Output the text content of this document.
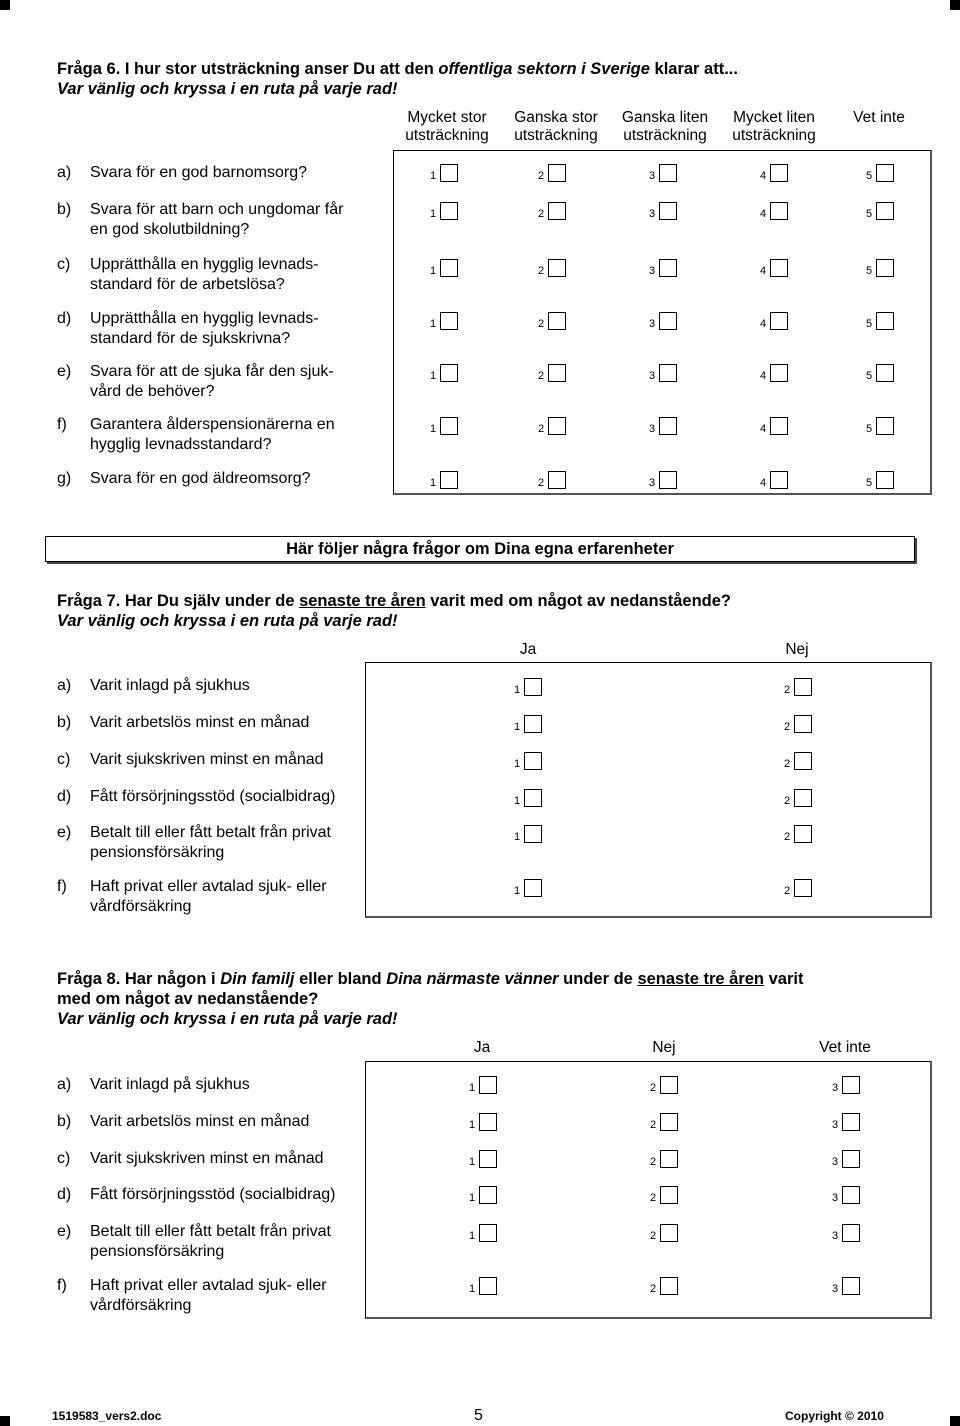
Fråga 6. I hur stor utsträckning anser Du att den offentliga sektorn i Sverige klarar att...
Var vänlig och kryssa i en ruta på varje rad!
Mycket stor
utsträckning
Ganska stor
utsträckning
Ganska liten
utsträckning
Mycket liten
utsträckning
Vet inte
a) Svara för en god barnomsorg?	1	2	3	4	5
b) Svara för att barn och ungdomar får
en god skolutbildning?
1	2	3	4	5
c) Upprätthålla en hygglig levnads-
standard för de arbetslösa?
1	2	3	4	5
d) Upprätthålla en hygglig levnads-
standard för de sjukskrivna?
1	2	3	4	5
e) Svara för att de sjuka får den sjuk-
vård de behöver?
1	2	3	4	5
f) Garantera ålderspensionärerna en
hygglig levnadsstandard?
1	2	3	4	5
g) Svara för en god äldreomsorg?	1	2	3	4	5
Här följer några frågor om Dina egna erfarenheter
Fråga 7. Har Du själv under de senaste tre åren varit med om något av nedanstående?
Var vänlig och kryssa i en ruta på varje rad!
Ja	Nej
a) Varit inlagd på sjukhus	1	2
b) Varit arbetslös minst en månad	1	2
c) Varit sjukskriven minst en månad	1	2
d) Fått försörjningsstöd (socialbidrag)	1	2
e) Betalt till eller fått betalt från privat
pensionsförsäkring
1	2
f) Haft privat eller avtalad sjuk- eller
vårdförsäkring
1	2
Fråga 8. Har någon i Din familj eller bland Dina närmaste vänner under de senaste tre åren varit
med om något av nedanstående?
Var vänlig och kryssa i en ruta på varje rad!
Ja	Nej	Vet inte
a) Varit inlagd på sjukhus	1	2	3
b) Varit arbetslös minst en månad	1	2	3
c) Varit sjukskriven minst en månad	1	2	3
d) Fått försörjningsstöd (socialbidrag)	1	2	3
e) Betalt till eller fått betalt från privat
pensionsförsäkring
1	2	3
f) Haft privat eller avtalad sjuk- eller
vårdförsäkring
1	2	3
1519583_vers2.doc	5	Copyright © 2010
